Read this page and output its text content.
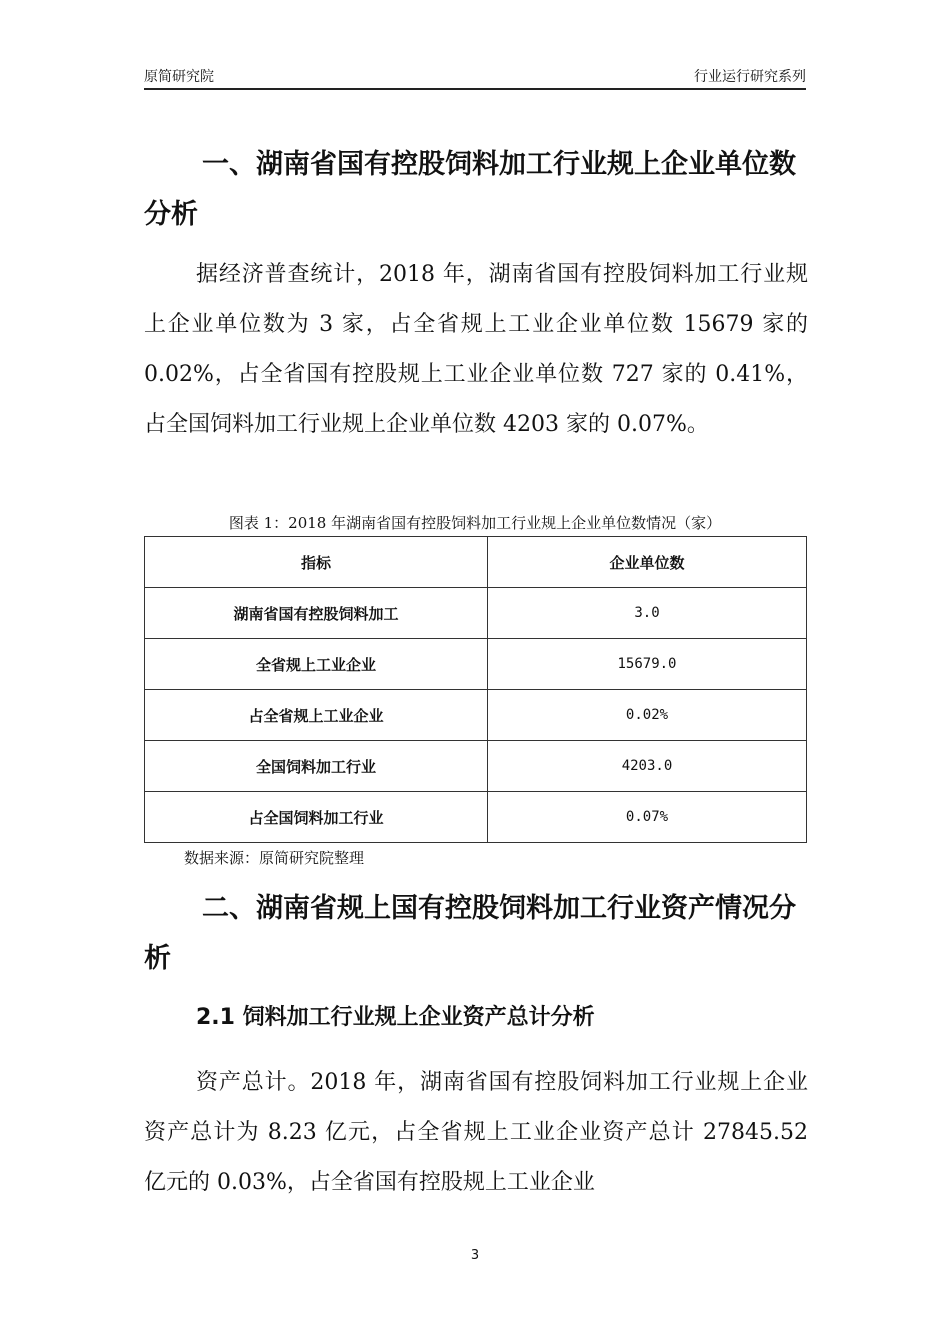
原简研究院	行业运行研究系列
一、湖南省国有控股饲料加工行业规上企业单位数分析

据经济普查统计，2018 年，湖南省国有控股饲料加工行业规上企业单位数为 3 家，占全省规上工业企业单位数 15679 家的 0.02%，占全省国有控股规上工业企业单位数 727 家的 0.41%，占全国饲料加工行业规上企业单位数 4203 家的 0.07%。

图表 1：2018 年湖南省国有控股饲料加工行业规上企业单位数情况（家）
指标	企业单位数
湖南省国有控股饲料加工	3.0
全省规上工业企业	15679.0
占全省规上工业企业	0.02%
全国饲料加工行业	4203.0
占全国饲料加工行业	0.07%
数据来源：原简研究院整理
二、湖南省规上国有控股饲料加工行业资产情况分析
2.1 饲料加工行业规上企业资产总计分析

资产总计。2018 年，湖南省国有控股饲料加工行业规上企业资产总计为 8.23 亿元，占全省规上工业企业资产总计 27845.52 亿元的 0.03%，占全省国有控股规上工业企业

3
